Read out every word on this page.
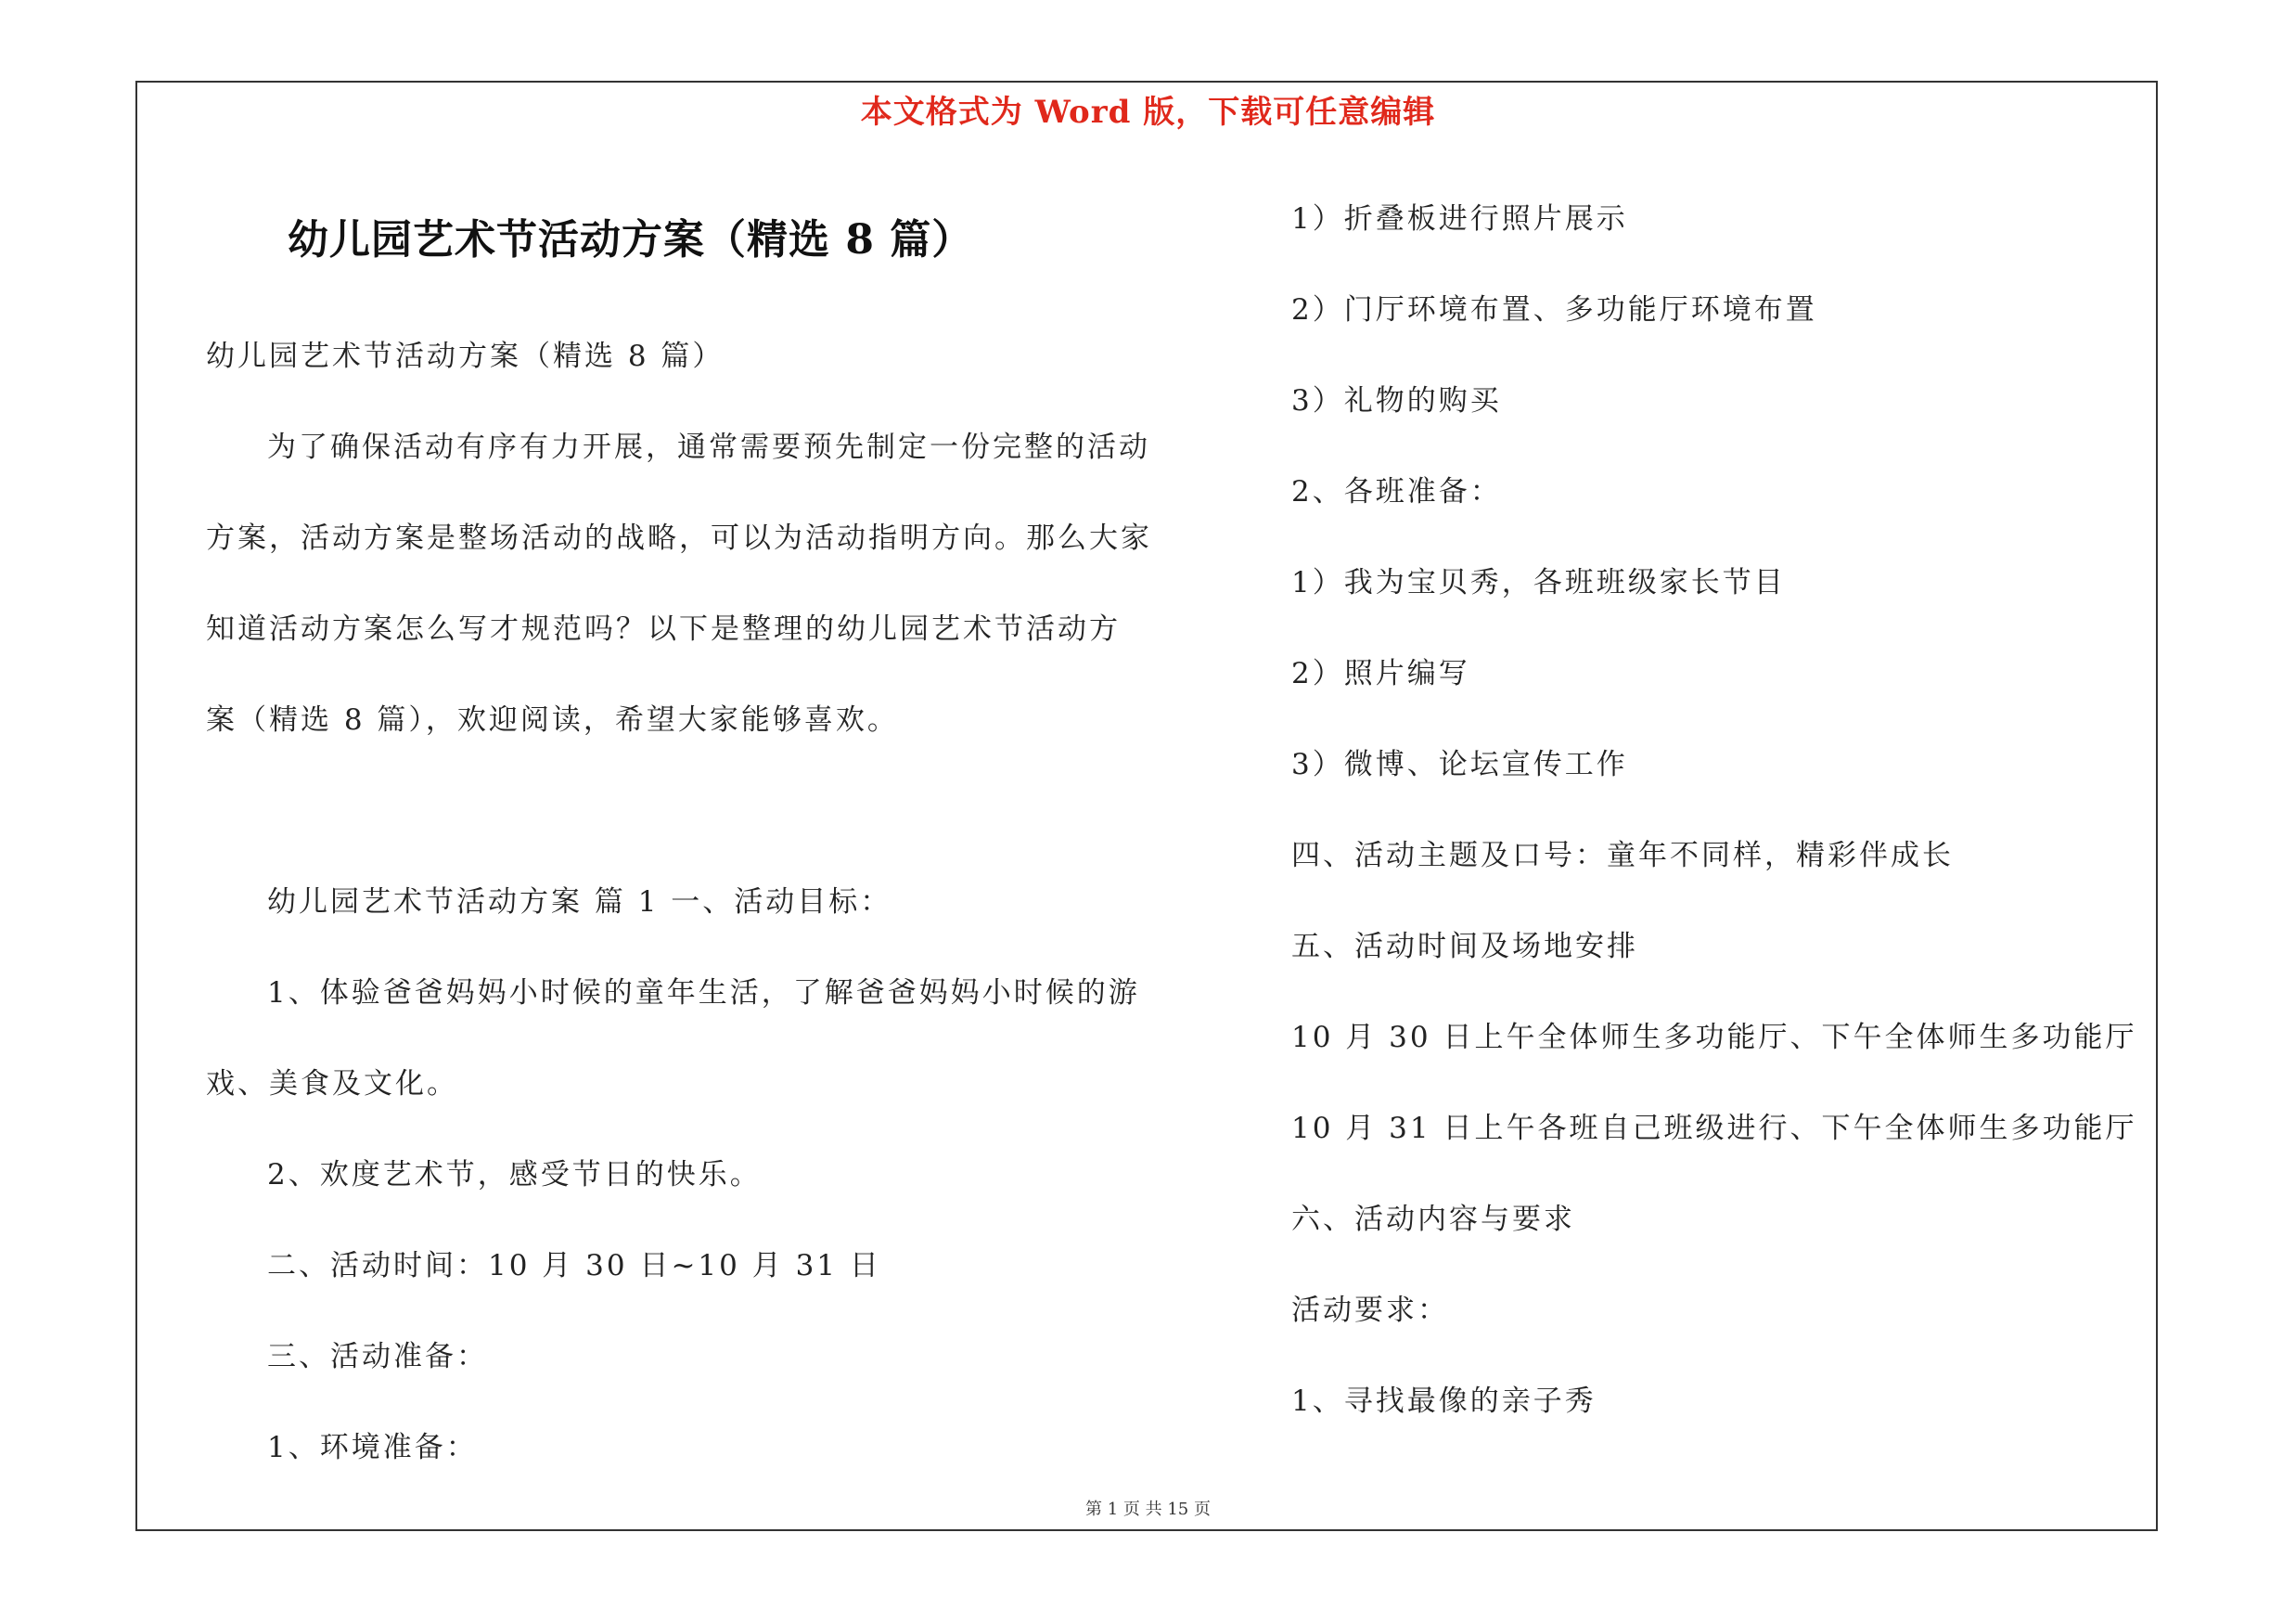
本文格式为 Word 版，下载可任意编辑
幼儿园艺术节活动方案（精选 8 篇）
幼儿园艺术节活动方案（精选 8 篇）
为了确保活动有序有力开展，通常需要预先制定一份完整的活动
方案，活动方案是整场活动的战略，可以为活动指明方向。那么大家
知道活动方案怎么写才规范吗？以下是整理的幼儿园艺术节活动方
案（精选 8 篇），欢迎阅读，希望大家能够喜欢。
幼儿园艺术节活动方案 篇 1 一、活动目标：
1、体验爸爸妈妈小时候的童年生活，了解爸爸妈妈小时候的游
戏、美食及文化。
2、欢度艺术节，感受节日的快乐。
二、活动时间：10 月 30 日~10 月 31 日
三、活动准备：
1、环境准备：
1）折叠板进行照片展示
2）门厅环境布置、多功能厅环境布置
3）礼物的购买
2、各班准备：
1）我为宝贝秀，各班班级家长节目
2）照片编写
3）微博、论坛宣传工作
四、活动主题及口号：童年不同样，精彩伴成长
五、活动时间及场地安排
10 月 30 日上午全体师生多功能厅、下午全体师生多功能厅
10 月 31 日上午各班自己班级进行、下午全体师生多功能厅
六、活动内容与要求
活动要求：
1、寻找最像的亲子秀
第 1 页 共 15 页
